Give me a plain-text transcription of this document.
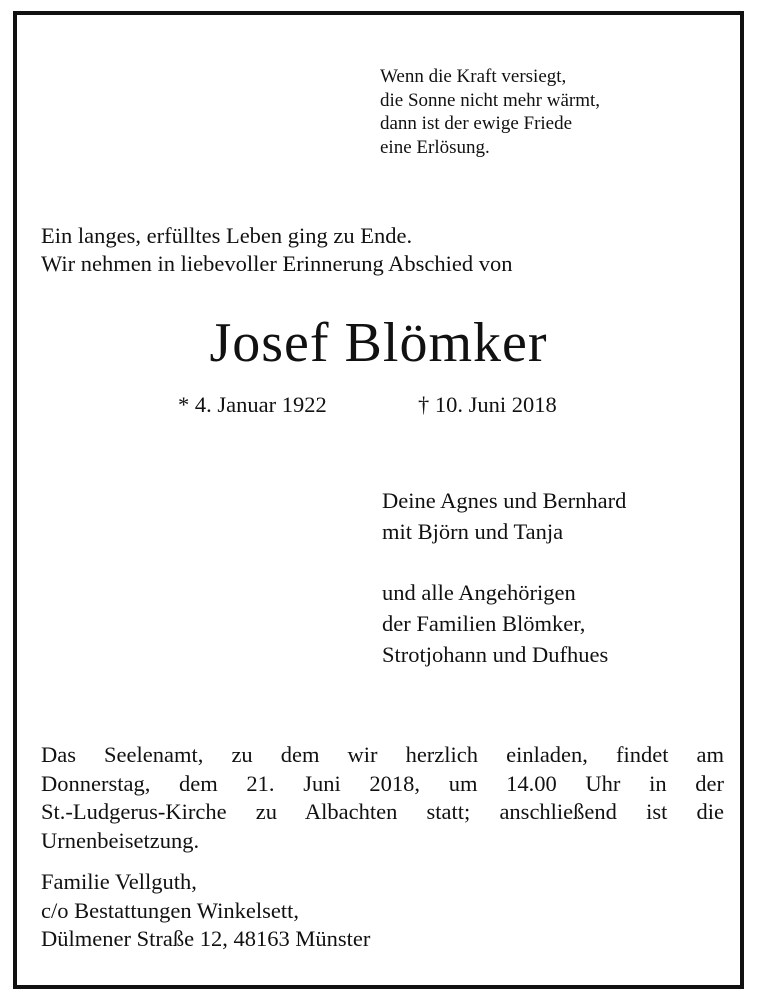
Wenn die Kraft versiegt,
die Sonne nicht mehr wärmt,
dann ist der ewige Friede
eine Erlösung.
Ein langes, erfülltes Leben ging zu Ende.
Wir nehmen in liebevoller Erinnerung Abschied von
Josef Blömker
* 4. Januar 1922	† 10. Juni 2018
Deine Agnes und Bernhard
mit Björn und Tanja
und alle Angehörigen
der Familien Blömker,
Strotjohann und Dufhues
Das Seelenamt, zu dem wir herzlich einladen, findet am
Donnerstag, dem 21. Juni 2018, um 14.00 Uhr in der
St.-Ludgerus-Kirche zu Albachten statt; anschließend ist die
Urnenbeisetzung.
Familie Vellguth,
c/o Bestattungen Winkelsett,
Dülmener Straße 12, 48163 Münster
